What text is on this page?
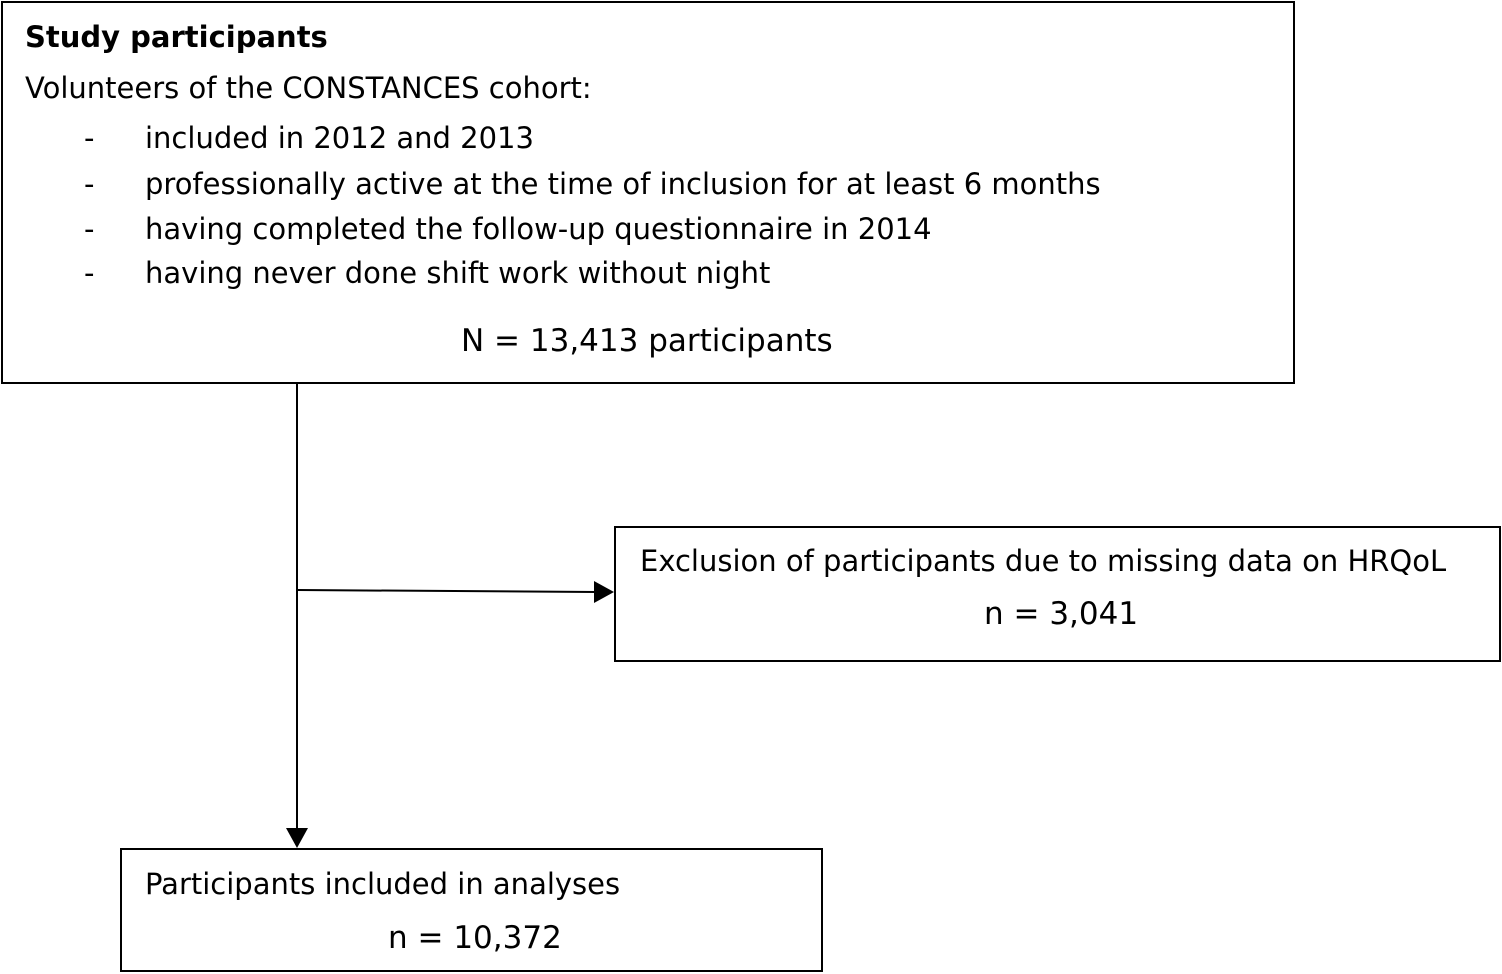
Study participants
Volunteers of the CONSTANCES cohort:
- included in 2012 and 2013
- professionally active at the time of inclusion for at least 6 months
- having completed the follow-up questionnaire in 2014
- having never done shift work without night
N = 13,413 participants
Exclusion of participants due to missing data on HRQoL
n = 3,041
Participants included in analyses
n = 10,372
